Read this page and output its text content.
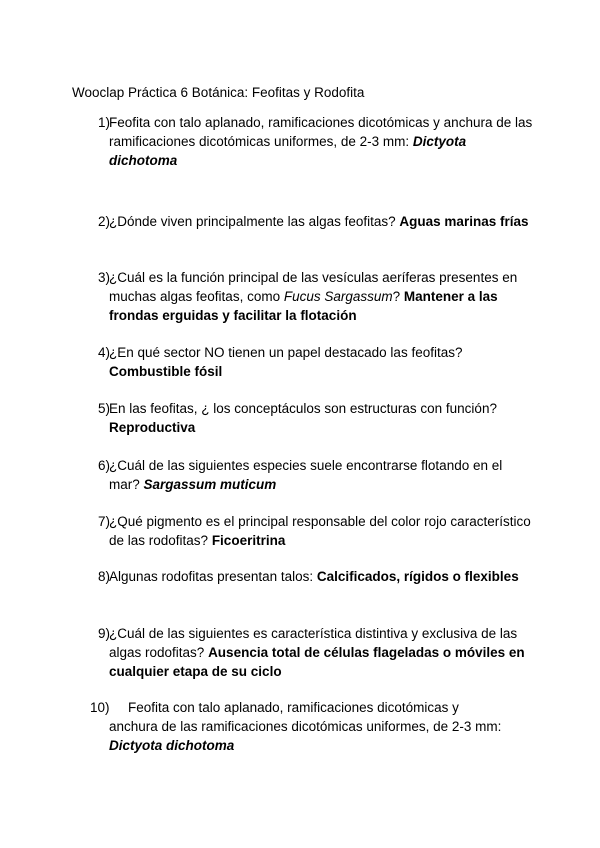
Wooclap Práctica 6 Botánica: Feofitas y Rodofita
1) Feofita con talo aplanado, ramificaciones dicotómicas y anchura de las ramificaciones dicotómicas uniformes, de 2-3 mm: Dictyota dichotoma
2) ¿Dónde viven principalmente las algas feofitas? Aguas marinas frías
3) ¿Cuál es la función principal de las vesículas aeríferas presentes en muchas algas feofitas, como Fucus Sargassum? Mantener a las frondas erguidas y facilitar la flotación
4) ¿En qué sector NO tienen un papel destacado las feofitas? Combustible fósil
5) En las feofitas, ¿ los conceptáculos son estructuras con función? Reproductiva
6) ¿Cuál de las siguientes especies suele encontrarse flotando en el mar? Sargassum muticum
7) ¿Qué pigmento es el principal responsable del color rojo característico de las rodofitas? Ficoeritrina
8) Algunas rodofitas presentan talos: Calcificados, rígidos o flexibles
9) ¿Cuál de las siguientes es característica distintiva y exclusiva de las algas rodofitas? Ausencia total de células flageladas o móviles en cualquier etapa de su ciclo
10) Feofita con talo aplanado, ramificaciones dicotómicas y
anchura de las ramificaciones dicotómicas uniformes, de 2-3 mm:
Dictyota dichotoma
